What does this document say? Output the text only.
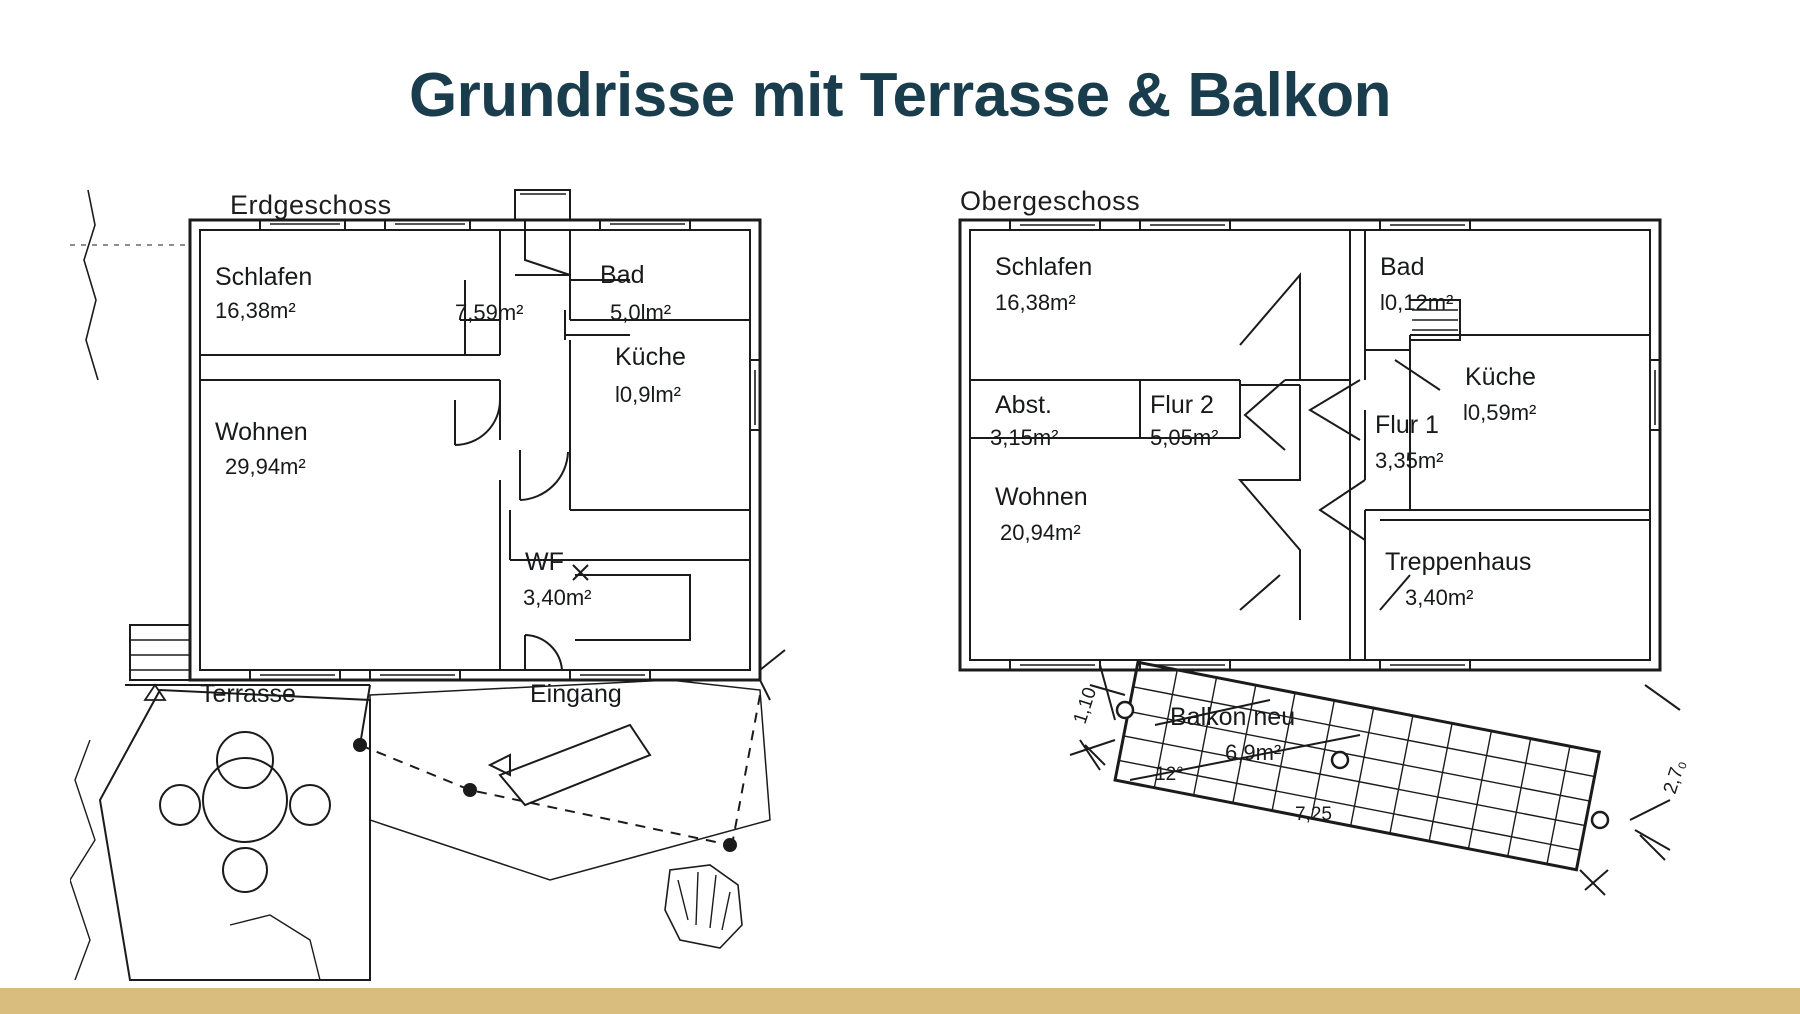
Grundrisse mit Terrasse & Balkon
Erdgeschoss
Schlafen
16,38m²
Bad
5,0lm²
7,59m²
Küche
l0,9lm²
Wohnen
29,94m²
WF
3,40m²
Terrasse	Eingang
Obergeschoss
Schlafen
16,38m²
Bad
l0,12m²
Küche
l0,59m²
Abst.
3,15m²
Flur 2
5,05m²	Flur 1
3,35m²
Wohnen
20,94m²
Treppenhaus
3,40m²
Balkon neu
6,9m²
1,10
12°
7,25
2,7₀
